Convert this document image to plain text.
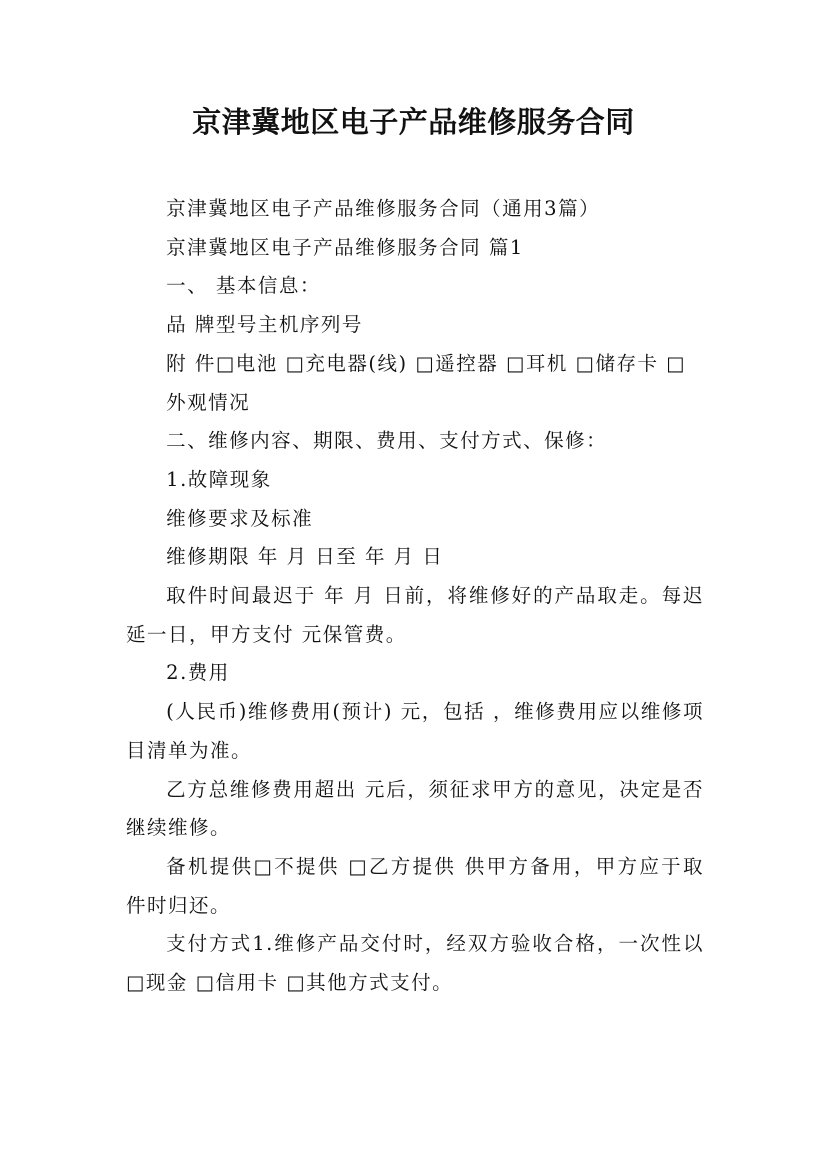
京津冀地区电子产品维修服务合同

京津冀地区电子产品维修服务合同（通用3篇）

京津冀地区电子产品维修服务合同 篇1

一、 基本信息：

品 牌型号主机序列号

附 件□电池 □充电器(线) □遥控器 □耳机 □储存卡 □

外观情况

二、维修内容、期限、费用、支付方式、保修：

1.故障现象

维修要求及标准

维修期限 年 月 日至 年 月 日

取件时间最迟于 年 月 日前，将维修好的产品取走。每迟延一日，甲方支付 元保管费。

2.费用

(人民币)维修费用(预计) 元，包括 ，维修费用应以维修项目清单为准。

乙方总维修费用超出 元后，须征求甲方的意见，决定是否继续维修。

备机提供□不提供 □乙方提供 供甲方备用，甲方应于取件时归还。

支付方式1.维修产品交付时，经双方验收合格，一次性以□现金 □信用卡 □其他方式支付。
